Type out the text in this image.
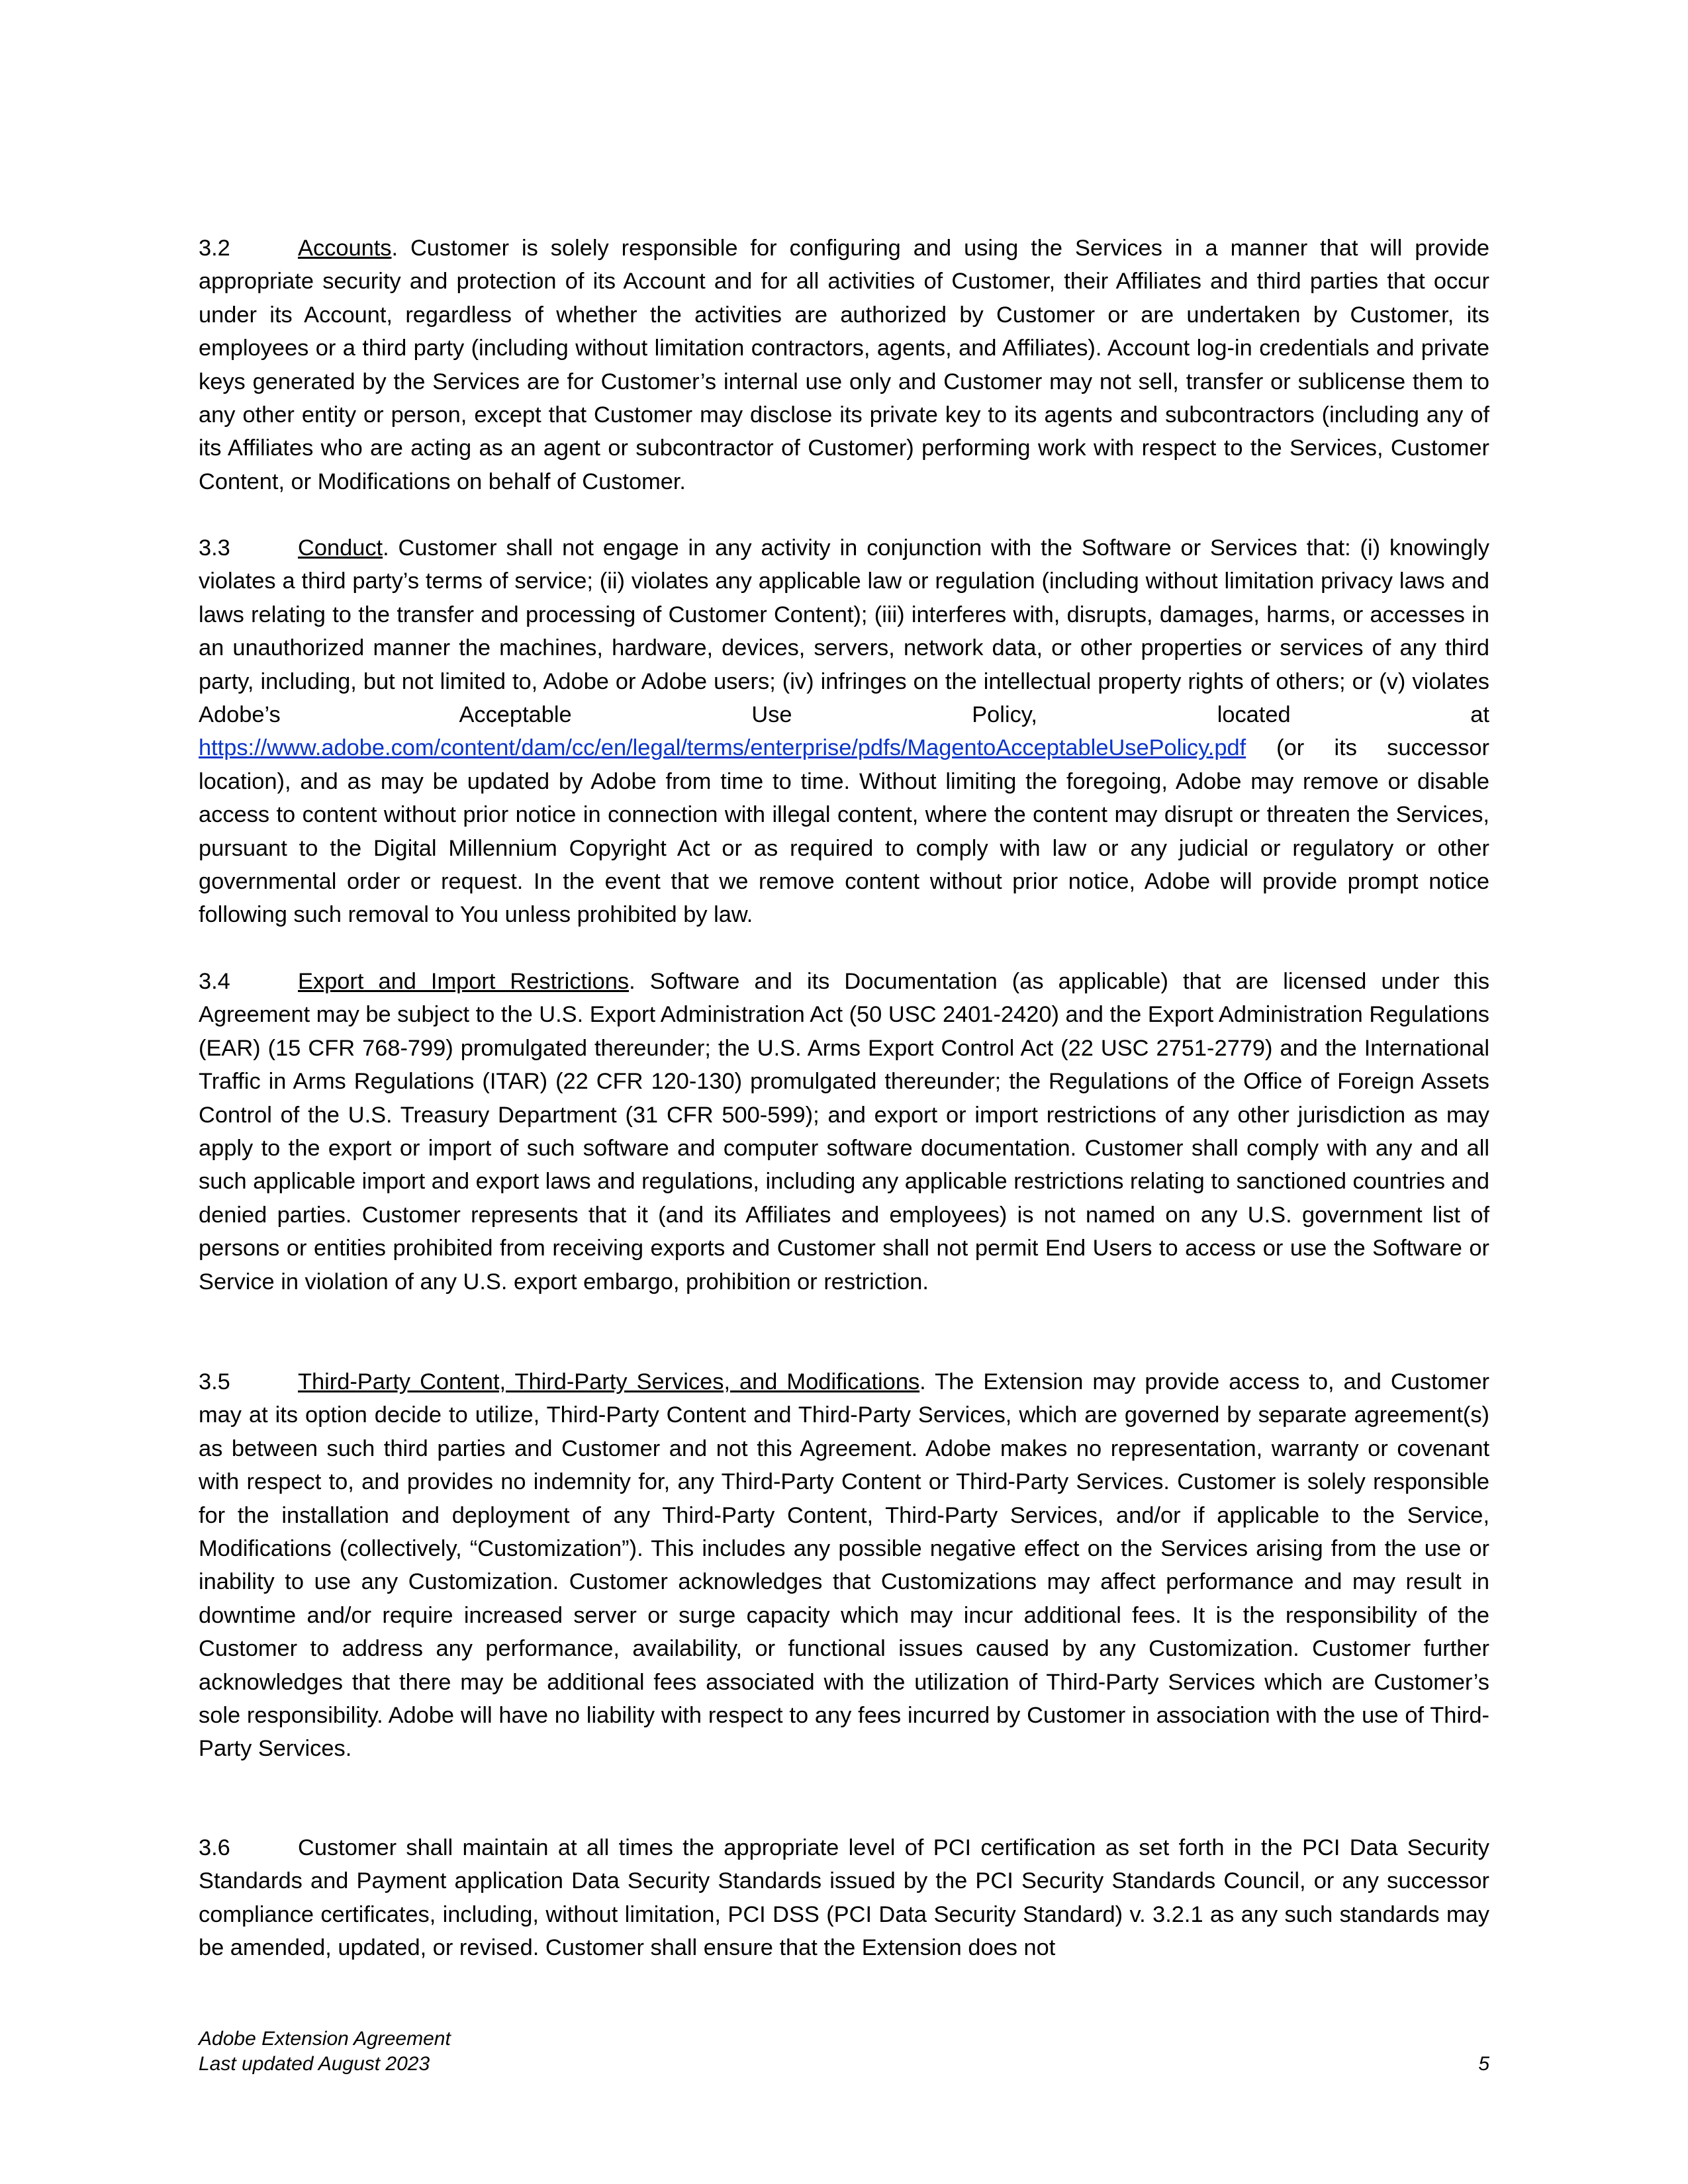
3.2	Accounts. Customer is solely responsible for configuring and using the Services in a manner that will provide appropriate security and protection of its Account and for all activities of Customer, their Affiliates and third parties that occur under its Account, regardless of whether the activities are authorized by Customer or are undertaken by Customer, its employees or a third party (including without limitation contractors, agents, and Affiliates). Account log-in credentials and private keys generated by the Services are for Customer’s internal use only and Customer may not sell, transfer or sublicense them to any other entity or person, except that Customer may disclose its private key to its agents and subcontractors (including any of its Affiliates who are acting as an agent or subcontractor of Customer) performing work with respect to the Services, Customer Content, or Modifications on behalf of Customer.

3.3	Conduct. Customer shall not engage in any activity in conjunction with the Software or Services that: (i) knowingly violates a third party’s terms of service; (ii) violates any applicable law or regulation (including without limitation privacy laws and laws relating to the transfer and processing of Customer Content); (iii) interferes with, disrupts, damages, harms, or accesses in an unauthorized manner the machines, hardware, devices, servers, network data, or other properties or services of any third party, including, but not limited to, Adobe or Adobe users; (iv) infringes on the intellectual property rights of others; or (v) violates Adobe’s Acceptable Use Policy, located at https://www.adobe.com/content/dam/cc/en/legal/terms/enterprise/pdfs/MagentoAcceptableUsePolicy.pdf (or its successor location), and as may be updated by Adobe from time to time. Without limiting the foregoing, Adobe may remove or disable access to content without prior notice in connection with illegal content, where the content may disrupt or threaten the Services, pursuant to the Digital Millennium Copyright Act or as required to comply with law or any judicial or regulatory or other governmental order or request. In the event that we remove content without prior notice, Adobe will provide prompt notice following such removal to You unless prohibited by law.

3.4	Export and Import Restrictions. Software and its Documentation (as applicable) that are licensed under this Agreement may be subject to the U.S. Export Administration Act (50 USC 2401-2420) and the Export Administration Regulations (EAR) (15 CFR 768-799) promulgated thereunder; the U.S. Arms Export Control Act (22 USC 2751-2779) and the International Traffic in Arms Regulations (ITAR) (22 CFR 120-130) promulgated thereunder; the Regulations of the Office of Foreign Assets Control of the U.S. Treasury Department (31 CFR 500-599); and export or import restrictions of any other jurisdiction as may apply to the export or import of such software and computer software documentation. Customer shall comply with any and all such applicable import and export laws and regulations, including any applicable restrictions relating to sanctioned countries and denied parties. Customer represents that it (and its Affiliates and employees) is not named on any U.S. government list of persons or entities prohibited from receiving exports and Customer shall not permit End Users to access or use the Software or Service in violation of any U.S. export embargo, prohibition or restriction.

3.5	Third-Party Content, Third-Party Services, and Modifications. The Extension may provide access to, and Customer may at its option decide to utilize, Third-Party Content and Third-Party Services, which are governed by separate agreement(s) as between such third parties and Customer and not this Agreement. Adobe makes no representation, warranty or covenant with respect to, and provides no indemnity for, any Third-Party Content or Third-Party Services. Customer is solely responsible for the installation and deployment of any Third-Party Content, Third-Party Services, and/or if applicable to the Service, Modifications (collectively, “Customization”). This includes any possible negative effect on the Services arising from the use or inability to use any Customization. Customer acknowledges that Customizations may affect performance and may result in downtime and/or require increased server or surge capacity which may incur additional fees. It is the responsibility of the Customer to address any performance, availability, or functional issues caused by any Customization. Customer further acknowledges that there may be additional fees associated with the utilization of Third-Party Services which are Customer’s sole responsibility. Adobe will have no liability with respect to any fees incurred by Customer in association with the use of Third-Party Services.

3.6	Customer shall maintain at all times the appropriate level of PCI certification as set forth in the PCI Data Security Standards and Payment application Data Security Standards issued by the PCI Security Standards Council, or any successor compliance certificates, including, without limitation, PCI DSS (PCI Data Security Standard) v. 3.2.1 as any such standards may be amended, updated, or revised. Customer shall ensure that the Extension does not

Adobe Extension Agreement
Last updated August 2023	5
